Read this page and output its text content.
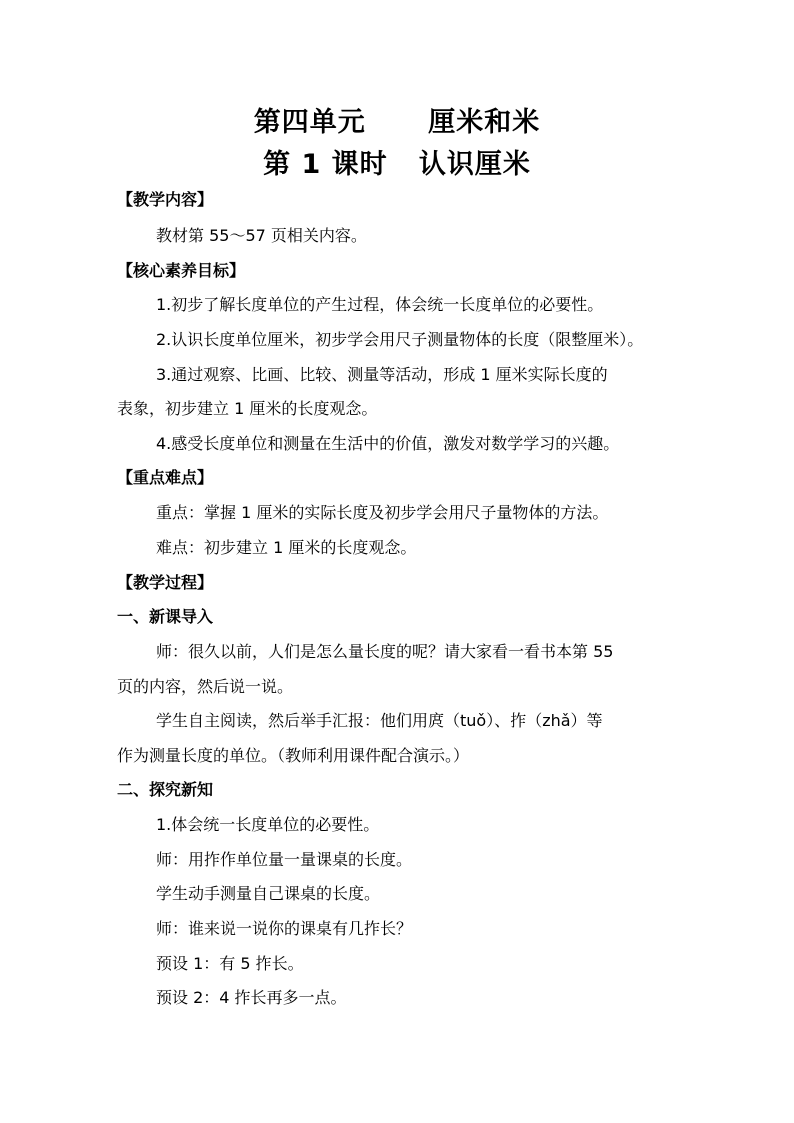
第四单元      厘米和米
第 1 课时   认识厘米
【教学内容】
教材第 55～57 页相关内容。
【核心素养目标】
1.初步了解长度单位的产生过程，体会统一长度单位的必要性。
2.认识长度单位厘米，初步学会用尺子测量物体的长度（限整厘米）。
3.通过观察、比画、比较、测量等活动，形成 1 厘米实际长度的
表象，初步建立 1 厘米的长度观念。
4.感受长度单位和测量在生活中的价值，激发对数学学习的兴趣。
【重点难点】
重点：掌握 1 厘米的实际长度及初步学会用尺子量物体的方法。
难点：初步建立 1 厘米的长度观念。
【教学过程】
一、新课导入
师：很久以前，人们是怎么量长度的呢？请大家看一看书本第 55
页的内容，然后说一说。
学生自主阅读，然后举手汇报：他们用庹（tuǒ）、拃（zhǎ）等
作为测量长度的单位。（教师利用课件配合演示。）
二、探究新知
1.体会统一长度单位的必要性。
师：用拃作单位量一量课桌的长度。
学生动手测量自己课桌的长度。
师：谁来说一说你的课桌有几拃长？
预设 1：有 5 拃长。
预设 2：4 拃长再多一点。
